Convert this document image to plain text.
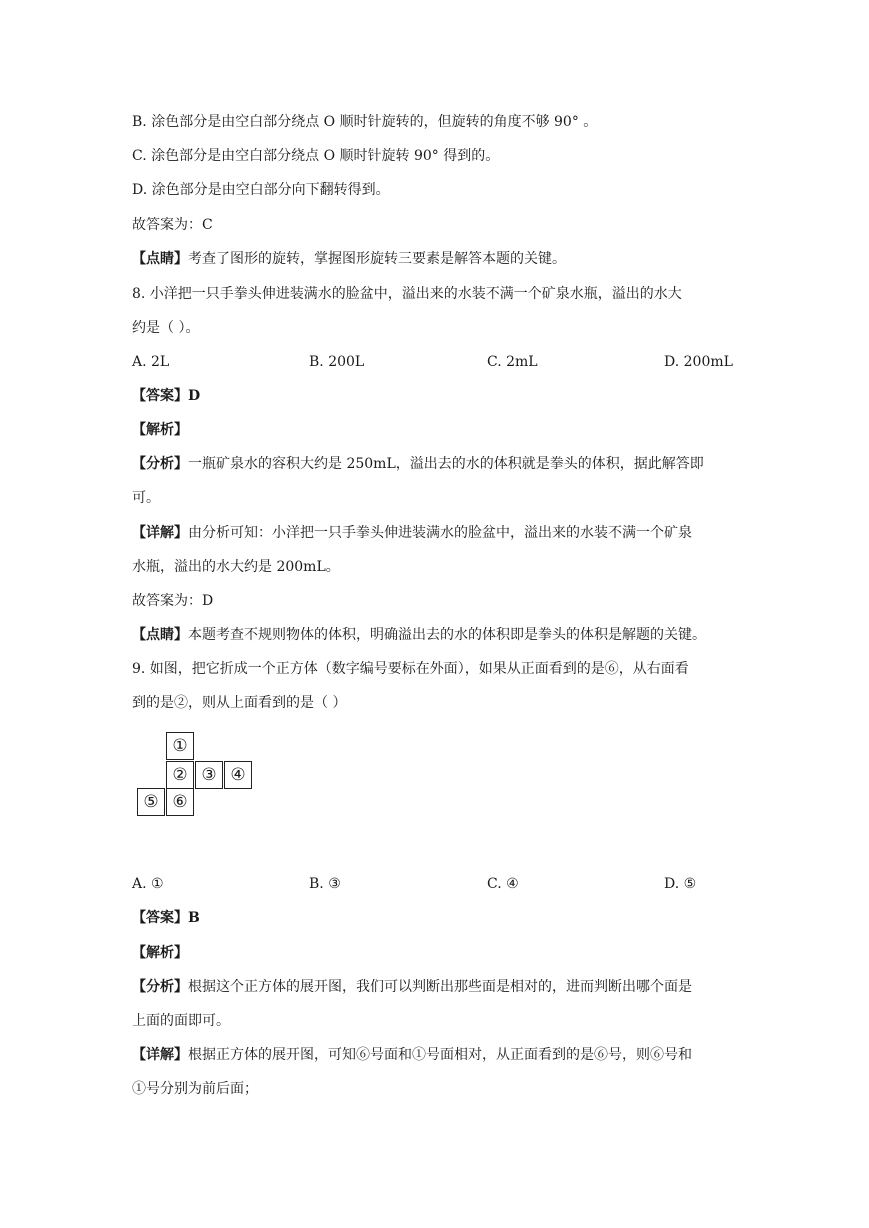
B. 涂色部分是由空白部分绕点 O 顺时针旋转的，但旋转的角度不够 90° 。
C. 涂色部分是由空白部分绕点 O 顺时针旋转 90° 得到的。
D. 涂色部分是由空白部分向下翻转得到。
故答案为：C
【点睛】考查了图形的旋转，掌握图形旋转三要素是解答本题的关键。
8. 小洋把一只手拳头伸进装满水的脸盆中，溢出来的水装不满一个矿泉水瓶，溢出的水大
约是（ ）。
A. 2L	B. 200L	C. 2mL	D. 200mL
【答案】D
【解析】
【分析】一瓶矿泉水的容积大约是 250mL，溢出去的水的体积就是拳头的体积，据此解答即
可。
【详解】由分析可知：小洋把一只手拳头伸进装满水的脸盆中，溢出来的水装不满一个矿泉
水瓶，溢出的水大约是 200mL。
故答案为：D
【点睛】本题考查不规则物体的体积，明确溢出去的水的体积即是拳头的体积是解题的关键。
9. 如图，把它折成一个正方体（数字编号要标在外面），如果从正面看到的是⑥，从右面看
到的是②，则从上面看到的是（ ）
①
② ③ ④
⑤ ⑥
A. ①	B. ③	C. ④	D. ⑤
【答案】B
【解析】
【分析】根据这个正方体的展开图，我们可以判断出那些面是相对的，进而判断出哪个面是
上面的面即可。
【详解】根据正方体的展开图，可知⑥号面和①号面相对，从正面看到的是⑥号，则⑥号和
①号分别为前后面；
